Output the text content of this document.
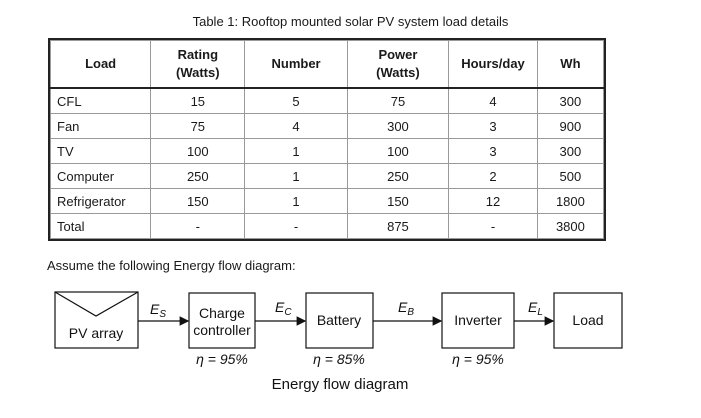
Table 1: Rooftop mounted solar PV system load details
Load	Rating (Watts)	Number	Power (Watts)	Hours/day	Wh
CFL	15	5	75	4	300
Fan	75	4	300	3	900
TV	100	1	100	3	300
Computer	250	1	250	2	500
Refrigerator	150	1	150	12	1800
Total	-	-	875	-	3800
Assume the following Energy flow diagram:
PV array
$E_S$ Charge
controller
η = 95%
$E_C$ Battery
η = 85%
$E_B$	Inverter
η = 95%
$E_L$ Load
Energy flow diagram
